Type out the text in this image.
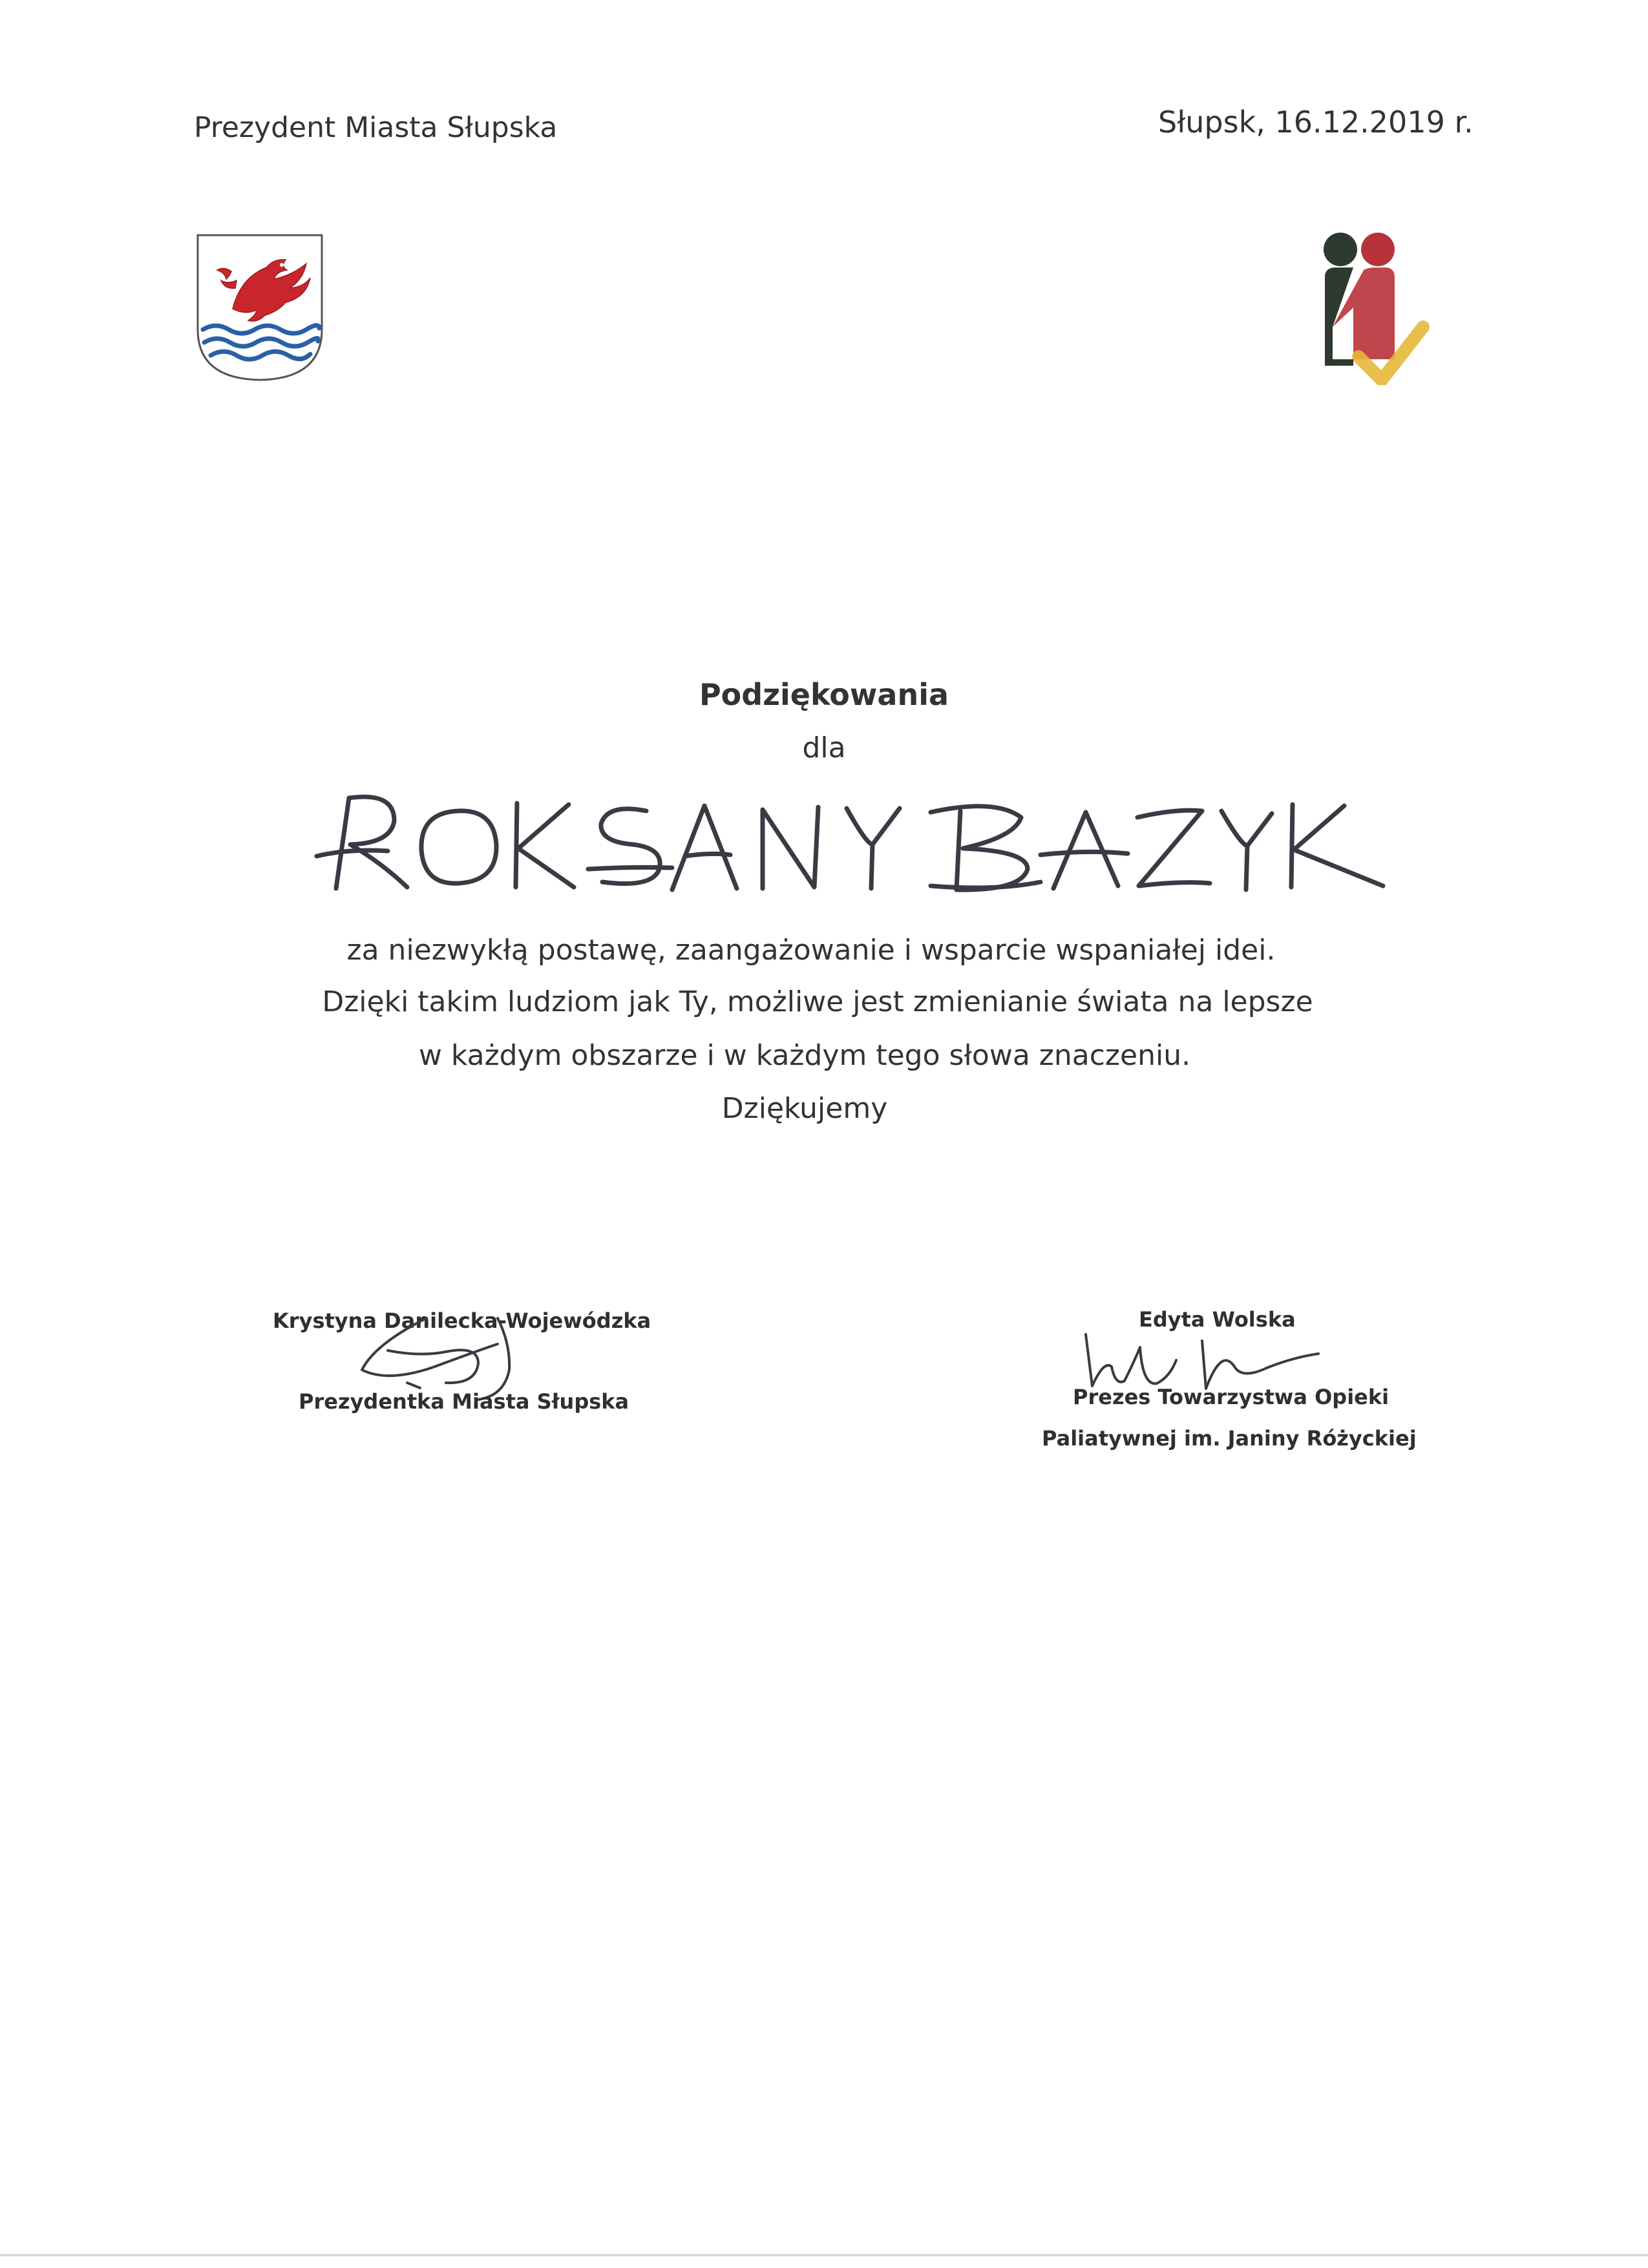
Prezydent Miasta Słupska	Słupsk, 16.12.2019 r.
Podziękowania
dla
za niezwykłą postawę, zaangażowanie i wsparcie wspaniałej idei.
Dzięki takim ludziom jak Ty, możliwe jest zmienianie świata na lepsze
w każdym obszarze i w każdym tego słowa znaczeniu.
Dziękujemy
Krystyna Danilecka-Wojewódzka
Prezydentka Miasta Słupska
Edyta Wolska
Prezes Towarzystwa Opieki
Paliatywnej im. Janiny Różyckiej
